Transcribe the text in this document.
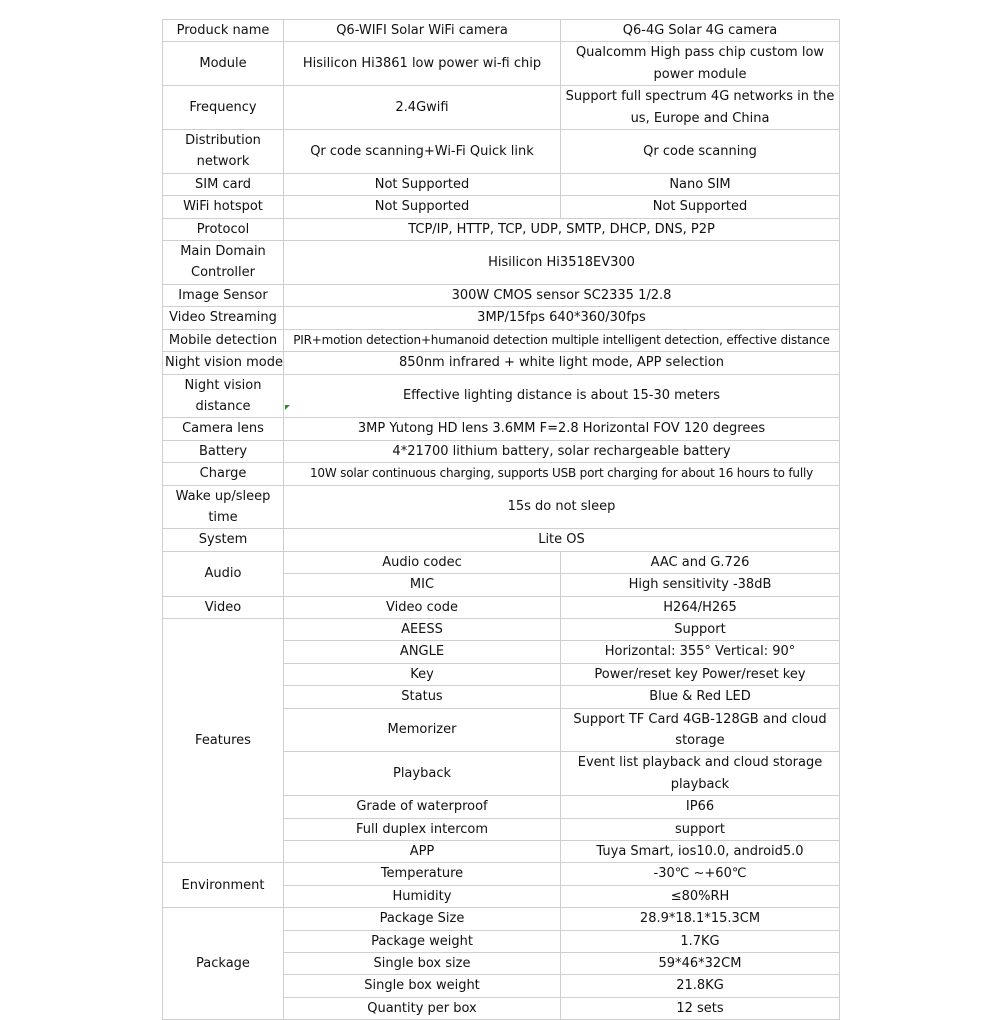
Produck name	Q6-WIFI Solar WiFi camera	Q6-4G Solar 4G camera
Module	Hisilicon Hi3861 low power wi-fi chip	Qualcomm High pass chip custom low power module
Frequency	2.4Gwifi	Support full spectrum 4G networks in the us, Europe and China
Distribution network	Qr code scanning+Wi-Fi Quick link	Qr code scanning
SIM card	Not Supported	Nano SIM
WiFi hotspot	Not Supported	Not Supported
Protocol	TCP/IP, HTTP, TCP, UDP, SMTP, DHCP, DNS, P2P	
Main Domain Controller	Hisilicon Hi3518EV300	
Image Sensor	300W CMOS sensor SC2335 1/2.8	
Video Streaming	3MP/15fps 640*360/30fps	
Mobile detection	PIR+motion detection+humanoid detection multiple intelligent detection, effective distance	
Night vision mode	850nm infrared + white light mode, APP selection	
Night vision distance	Effective lighting distance is about 15-30 meters	
Camera lens	3MP Yutong HD lens 3.6MM F=2.8 Horizontal FOV 120 degrees	
Battery	4*21700 lithium battery, solar rechargeable battery	
Charge	10W solar continuous charging, supports USB port charging for about 16 hours to fully	
Wake up/sleep time	15s do not sleep	
System	Lite OS	
Audio	Audio codec	AAC and G.726
	MIC	High sensitivity -38dB
Video	Video code	H264/H265
Features	AEESS	Support
	ANGLE	Horizontal: 355° Vertical: 90°
	Key	Power/reset key Power/reset key
	Status	Blue & Red LED
	Memorizer	Support TF Card 4GB-128GB and cloud storage
	Playback	Event list playback and cloud storage playback
	Grade of waterproof	IP66
	Full duplex intercom	support
	APP	Tuya Smart, ios10.0, android5.0
Environment	Temperature	-30℃ ~+60℃
	Humidity	≤80%RH
Package	Package Size	28.9*18.1*15.3CM
	Package weight	1.7KG
	Single box size	59*46*32CM
	Single box weight	21.8KG
	Quantity per box	12 sets
